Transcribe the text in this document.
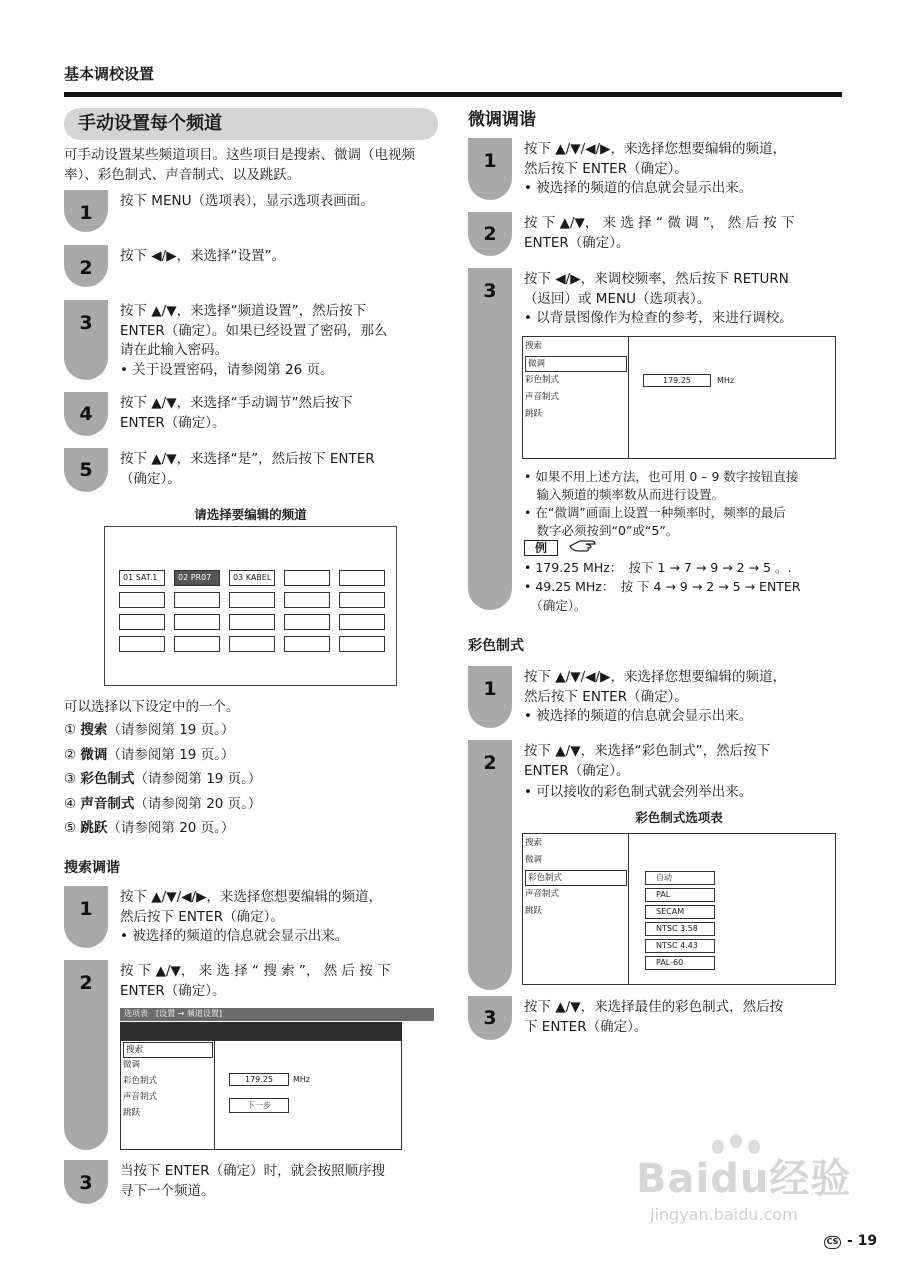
基本调校设置
手动设置每个频道
可手动设置某些频道项目。这些项目是搜索、微调（电视频率）、彩色制式、声音制式、以及跳跃。
1
按下 MENU（选项表），显示选项表画面。
2
按下 ◀/▶，来选择“设置”。
3
按下 ▲/▼，来选择“频道设置”，然后按下
ENTER（确定）。如果已经设置了密码，那么
请在此输入密码。
• 关于设置密码，请参阅第 26 页。
4	按下 ▲/▼，来选择“手动调节”然后按下
ENTER（确定）。
5	按下 ▲/▼，来选择“是”，然后按下 ENTER
（确定）。
请选择要编辑的频道
01 SAT.1	02 PR07	03 KABEL
可以选择以下设定中的一个。
① 搜索（请参阅第 19 页。）
② 微调（请参阅第 19 页。）
③ 彩色制式（请参阅第 19 页。）
④ 声音制式（请参阅第 20 页。）
⑤ 跳跃（请参阅第 20 页。）
搜索调谐
1
按下 ▲/▼/◀/▶，来选择您想要编辑的频道，
然后按下 ENTER（确定）。
• 被选择的频道的信息就会显示出来。
2
按 下 ▲/▼， 来 选 择 “ 搜 索 ”， 然 后 按 下
ENTER（确定）。
选项表　[设置 → 频道设置]
搜索
微调
彩色制式
声音制式
跳跃
179.25	MHz
下一步
3
当按下 ENTER（确定）时，就会按照顺序搜
寻下一个频道。
微调调谐
1
按下 ▲/▼/◀/▶，来选择您想要编辑的频道，
然后按下 ENTER（确定）。
• 被选择的频道的信息就会显示出来。
2	按 下 ▲/▼， 来 选 择 “ 微 调 ”， 然 后 按 下
ENTER（确定）。
3
按下 ◀/▶，来调校频率，然后按下 RETURN
（返回）或 MENU（选项表）。
• 以背景图像作为检查的参考，来进行调校。
搜索
微调
彩色制式
声音制式
跳跃
179.25	MHz
• 如果不用上述方法，也可用 0 – 9 数字按钮直接
　输入频道的频率数从而进行设置。
• 在“微调”画面上设置一种频率时，频率的最后
　数字必须按到“0”或“5”。
例
• 179.25 MHz：　按下 1 → 7 → 9 → 2 → 5 。.
• 49.25 MHz：　按 下 4 → 9 → 2 → 5 → ENTER
　（确定）。
彩色制式
1
按下 ▲/▼/◀/▶，来选择您想要编辑的频道，
然后按下 ENTER（确定）。
• 被选择的频道的信息就会显示出来。
2
按下 ▲/▼，来选择“彩色制式”，然后按下
ENTER（确定）。
• 可以接收的彩色制式就会列举出来。
彩色制式选项表
搜索
微调
彩色制式
声音制式
跳跃
自动
PAL
SECAM
NTSC 3.58
NTSC 4.43
PAL-60
3	按下 ▲/▼，来选择最佳的彩色制式，然后按
下 ENTER（确定）。
Baidu经验
jingyan.baidu.com
CS - 19
